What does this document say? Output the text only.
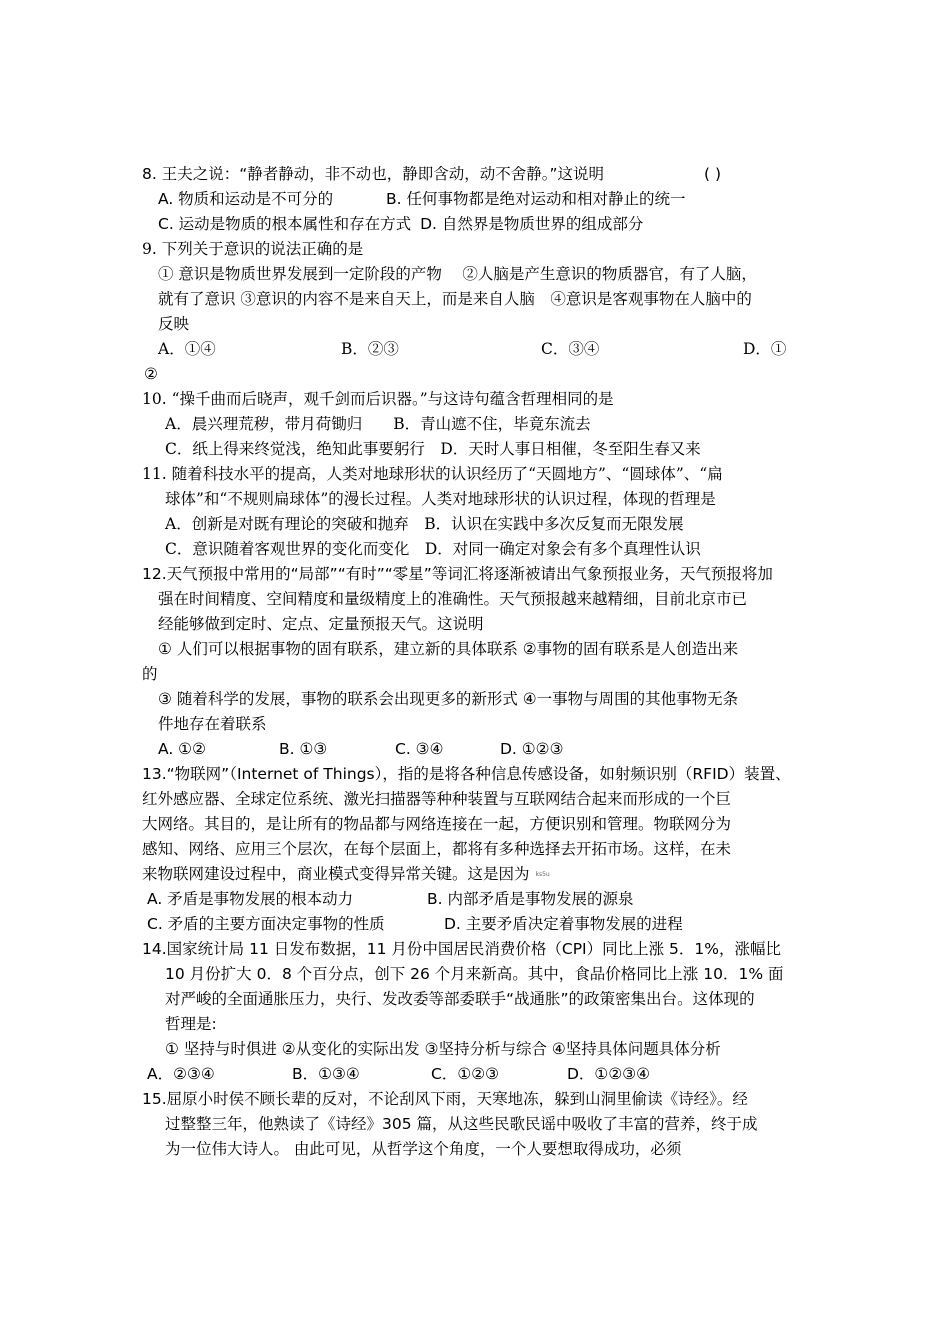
8. 王夫之说：“静者静动，非不动也，静即含动，动不舍静。”这说明	( )
A. 物质和运动是不可分的	B. 任何事物都是绝对运动和相对静止的统一
C. 运动是物质的根本属性和存在方式 D. 自然界是物质世界的组成部分
9. 下列关于意识的说法正确的是
① 意识是物质世界发展到一定阶段的产物　 ②人脑是产生意识的物质器官，有了人脑，
就有了意识 ③意识的内容不是来自天上，而是来自人脑　④意识是客观事物在人脑中的
反映
A．①④	B．②③	C．③④	D．①
②
10. “操千曲而后晓声，观千剑而后识器。”与这诗句蕴含哲理相同的是
A．晨兴理荒秽，带月荷锄归　　B．青山遮不住，毕竟东流去
C．纸上得来终觉浅，绝知此事要躬行　D．天时人事日相催，冬至阳生春又来
11. 随着科技水平的提高，人类对地球形状的认识经历了“天圆地方”、“圆球体”、“扁
球体”和“不规则扁球体”的漫长过程。人类对地球形状的认识过程，体现的哲理是
A．创新是对既有理论的突破和抛弃　B．认识在实践中多次反复而无限发展
C．意识随着客观世界的变化而变化　D．对同一确定对象会有多个真理性认识
12.天气预报中常用的“局部”“有时”“零星”等词汇将逐渐被请出气象预报业务，天气预报将加
强在时间精度、空间精度和量级精度上的准确性。天气预报越来越精细，目前北京市已
经能够做到定时、定点、定量预报天气。这说明
① 人们可以根据事物的固有联系，建立新的具体联系 ②事物的固有联系是人创造出来
的
③ 随着科学的发展，事物的联系会出现更多的新形式 ④一事物与周围的其他事物无条
件地存在着联系
A. ①②	B. ①③	C. ③④	D. ①②③
13.“物联网”（Internet of Things），指的是将各种信息传感设备，如射频识别（RFID）装置、
红外感应器、全球定位系统、激光扫描器等种种装置与互联网结合起来而形成的一个巨
大网络。其目的，是让所有的物品都与网络连接在一起，方便识别和管理。物联网分为
感知、网络、应用三个层次，在每个层面上，都将有多种选择去开拓市场。这样，在未
来物联网建设过程中，商业模式变得异常关键。这是因为 ks5u
A. 矛盾是事物发展的根本动力	B. 内部矛盾是事物发展的源泉
C. 矛盾的主要方面决定事物的性质	D. 主要矛盾决定着事物发展的进程
14.国家统计局 11 日发布数据，11 月份中国居民消费价格（CPI）同比上涨 5．1%，涨幅比
10 月份扩大 0．8 个百分点，创下 26 个月来新高。其中，食品价格同比上涨 10．1% 面
对严峻的全面通胀压力，央行、发改委等部委联手“战通胀”的政策密集出台。这体现的
哲理是:
① 坚持与时俱进 ②从变化的实际出发 ③坚持分析与综合 ④坚持具体问题具体分析
A．②③④	B．①③④	C．①②③	D．①②③④
15.屈原小时侯不顾长辈的反对，不论刮风下雨，天寒地冻，躲到山洞里偷读《诗经》。经
过整整三年，他熟读了《诗经》305 篇，从这些民歌民谣中吸收了丰富的营养，终于成
为一位伟大诗人。 由此可见，从哲学这个角度，一个人要想取得成功，必须
